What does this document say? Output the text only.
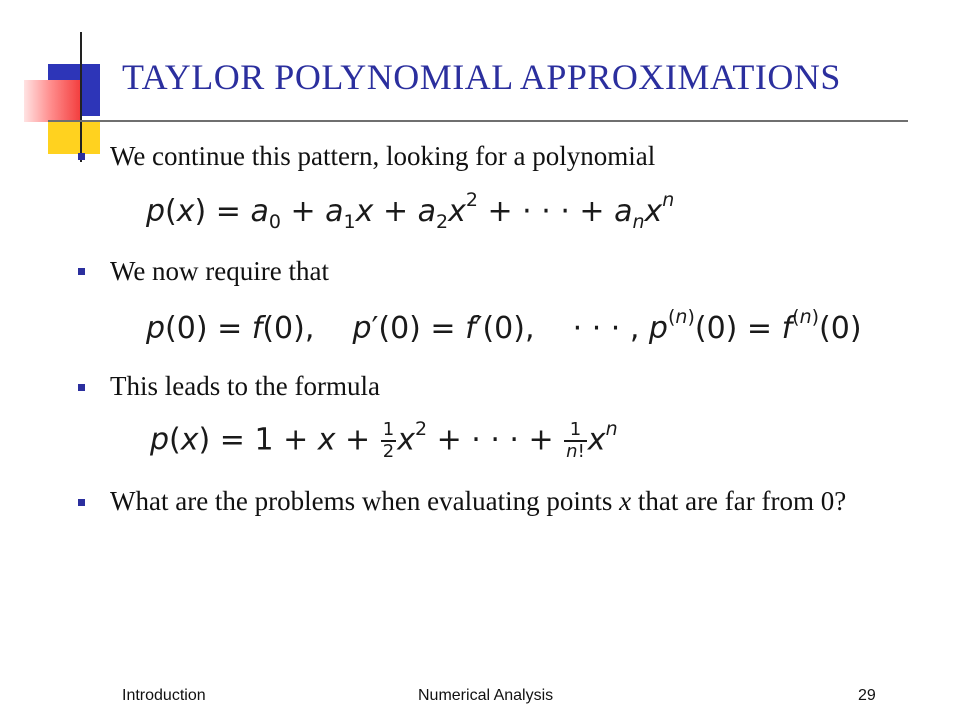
TAYLOR POLYNOMIAL APPROXIMATIONS
We continue this pattern, looking for a polynomial
$p(x) = a_0 + a_1x + a_2x^2$ + · · · + $a_nx^n$
We now require that
p(0) = f(0),    p′(0) = f′(0),    · · · , $p^{(n)}(0) = f^{(n)}(0)$
This leads to the formula
$p(x) = 1 + x + \frac{1}{2} x^2$ + · · · + $\frac{1}{n!} x^n$
What are the problems when evaluating points x that are far from 0?
Introduction	Numerical Analysis	29
